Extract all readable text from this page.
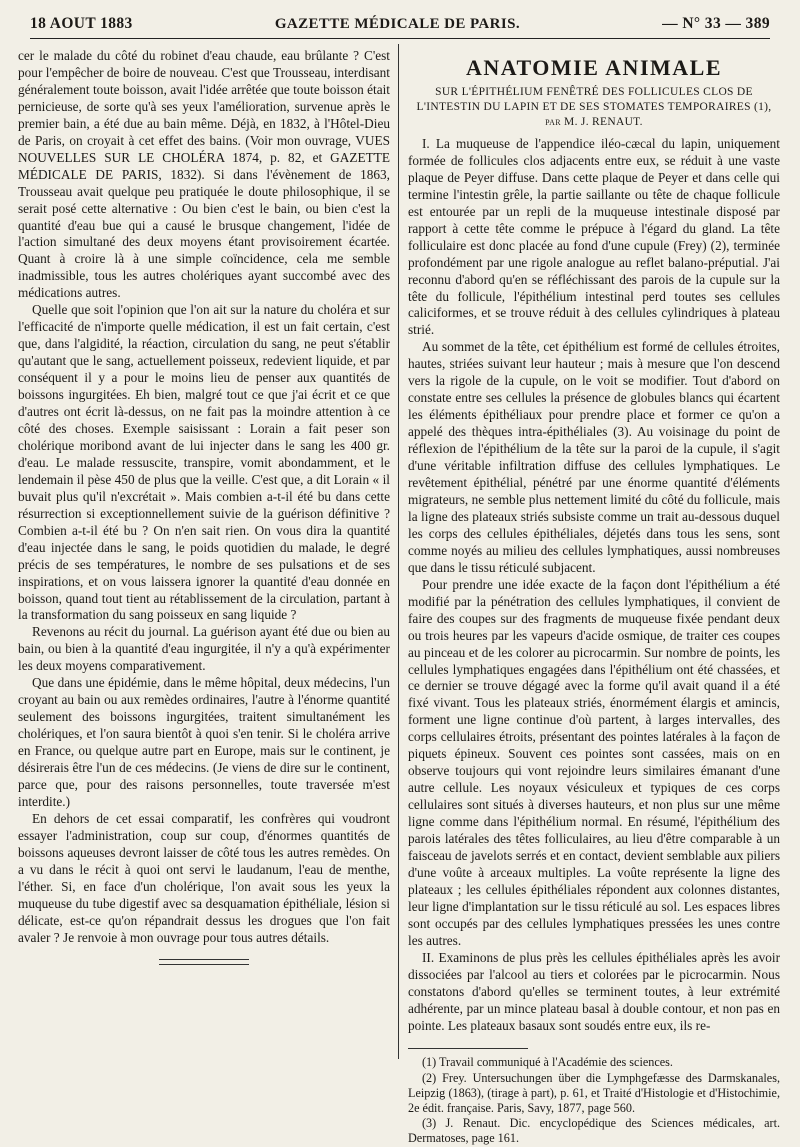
18 AOUT 1883	GAZETTE MÉDICALE DE PARIS.	— N° 33 — 389

cer le malade du côté du robinet d'eau chaude, eau brûlante ? C'est pour l'empêcher de boire de nouveau. C'est que Trousseau, interdisant généralement toute boisson, avait l'idée arrêtée que toute boisson était pernicieuse, de sorte qu'à ses yeux l'amélioration, survenue après le premier bain, a été due au bain même. Déjà, en 1832, à l'Hôtel-Dieu de Paris, on croyait à cet effet des bains. (Voir mon ouvrage, VUES NOUVELLES SUR LE CHOLÉRA 1874, p. 82, et GAZETTE MÉDICALE DE PARIS, 1832). Si dans l'évènement de 1863, Trousseau avait quelque peu pratiquée le doute philosophique, il se serait posé cette alternative : Ou bien c'est le bain, ou bien c'est la quantité d'eau bue qui a causé le brusque changement, l'idée de l'action simultané des deux moyens étant provisoirement écartée. Quant à croire là à une simple coïncidence, cela me semble inadmissible, tous les autres cholériques ayant succombé avec des médications autres.

Quelle que soit l'opinion que l'on ait sur la nature du choléra et sur l'efficacité de n'importe quelle médication, il est un fait certain, c'est que, dans l'algidité, la réaction, circulation du sang, ne peut s'établir qu'autant que le sang, actuellement poisseux, redevient liquide, et par conséquent il y a pour le moins lieu de penser aux quantités de boissons ingurgitées. Eh bien, malgré tout ce que j'ai écrit et ce que d'autres ont écrit là-dessus, on ne fait pas la moindre attention à ce côté des choses. Exemple saisissant : Lorain a fait peser son cholérique moribond avant de lui injecter dans le sang les 400 gr. d'eau. Le malade ressuscite, transpire, vomit abondamment, et le lendemain il pèse 450 de plus que la veille. C'est que, a dit Lorain « il buvait plus qu'il n'excrétait ». Mais combien a-t-il été bu dans cette résurrection si exceptionnellement suivie de la guérison définitive ? Combien a-t-il été bu ? On n'en sait rien. On vous dira la quantité d'eau injectée dans le sang, le poids quotidien du malade, le degré précis de ses températures, le nombre de ses pulsations et de ses inspirations, et on vous laissera ignorer la quantité d'eau donnée en boisson, quand tout tient au rétablissement de la circulation, partant à la transformation du sang poisseux en sang liquide ?

Revenons au récit du journal. La guérison ayant été due ou bien au bain, ou bien à la quantité d'eau ingurgitée, il n'y a qu'à expérimenter les deux moyens comparativement.

Que dans une épidémie, dans le même hôpital, deux médecins, l'un croyant au bain ou aux remèdes ordinaires, l'autre à l'énorme quantité seulement des boissons ingurgitées, traitent simultanément les cholériques, et l'on saura bientôt à quoi s'en tenir. Si le choléra arrive en France, ou quelque autre part en Europe, mais sur le continent, je désirerais être l'un de ces médecins. (Je viens de dire sur le continent, parce que, pour des raisons personnelles, toute traversée m'est interdite.)

En dehors de cet essai comparatif, les confrères qui voudront essayer l'administration, coup sur coup, d'énormes quantités de boissons aqueuses devront laisser de côté tous les autres remèdes. On a vu dans le récit à quoi ont servi le laudanum, l'eau de menthe, l'éther. Si, en face d'un cholérique, l'on avait sous les yeux la muqueuse du tube digestif avec sa desquamation épithéliale, lésion si délicate, est-ce qu'on répandrait dessus les drogues que l'on fait avaler ? Je renvoie à mon ouvrage pour tous autres détails.

ANATOMIE ANIMALE
SUR L'ÉPITHÉLIUM FENÊTRÉ DES FOLLICULES CLOS DE L'INTESTIN DU LAPIN ET DE SES STOMATES TEMPORAIRES (1), par M. J. RENAUT.

I. La muqueuse de l'appendice iléo-cæcal du lapin, uniquement formée de follicules clos adjacents entre eux, se réduit à une vaste plaque de Peyer diffuse. Dans cette plaque de Peyer et dans celle qui termine l'intestin grêle, la partie saillante ou tête de chaque follicule est entourée par un repli de la muqueuse intestinale disposé par rapport à cette tête comme le prépuce à l'égard du gland. La tête folliculaire est donc placée au fond d'une cupule (Frey) (2), terminée profondément par une rigole analogue au reflet balano-préputial. J'ai reconnu d'abord qu'en se réfléchissant des parois de la cupule sur la tête du follicule, l'épithélium intestinal perd toutes ses cellules caliciformes, et se trouve réduit à des cellules cylindriques à plateau strié.

Au sommet de la tête, cet épithélium est formé de cellules étroites, hautes, striées suivant leur hauteur ; mais à mesure que l'on descend vers la rigole de la cupule, on le voit se modifier. Tout d'abord on constate entre ses cellules la présence de globules blancs qui écartent les éléments épithéliaux pour prendre place et former ce qu'on a appelé des thèques intra-épithéliales (3). Au voisinage du point de réflexion de l'épithélium de la tête sur la paroi de la cupule, il s'agit d'une véritable infiltration diffuse des cellules lymphatiques. Le revêtement épithélial, pénétré par une énorme quantité d'éléments migrateurs, ne semble plus nettement limité du côté du follicule, mais la ligne des plateaux striés subsiste comme un trait au-dessous duquel les corps des cellules épithéliales, déjetés dans tous les sens, sont comme noyés au milieu des cellules lymphatiques, aussi nombreuses que dans le tissu réticulé subjacent.

Pour prendre une idée exacte de la façon dont l'épithélium a été modifié par la pénétration des cellules lymphatiques, il convient de faire des coupes sur des fragments de muqueuse fixée pendant deux ou trois heures par les vapeurs d'acide osmique, de traiter ces coupes au pinceau et de les colorer au picrocarmin. Sur nombre de points, les cellules lymphatiques engagées dans l'épithélium ont été chassées, et ce dernier se trouve dégagé avec la forme qu'il avait quand il a été fixé vivant. Tous les plateaux striés, énormément élargis et amincis, forment une ligne continue d'où partent, à larges intervalles, des corps cellulaires étroits, présentant des pointes latérales à la façon de piquets épineux. Souvent ces pointes sont cassées, mais on en observe toujours qui vont rejoindre leurs similaires émanant d'une autre cellule. Les noyaux vésiculeux et typiques de ces corps cellulaires sont situés à diverses hauteurs, et non plus sur une même ligne comme dans l'épithélium normal. En résumé, l'épithélium des parois latérales des têtes folliculaires, au lieu d'être comparable à un faisceau de javelots serrés et en contact, devient semblable aux piliers d'une voûte à arceaux multiples. La voûte représente la ligne des plateaux ; les cellules épithéliales répondent aux colonnes distantes, leur ligne d'implantation sur le tissu réticulé au sol. Les espaces libres sont occupés par des cellules lymphatiques pressées les unes contre les autres.

II. Examinons de plus près les cellules épithéliales après les avoir dissociées par l'alcool au tiers et colorées par le picrocarmin. Nous constatons d'abord qu'elles se terminent toutes, à leur extrémité adhérente, par un mince plateau basal à double contour, et non pas en pointe. Les plateaux basaux sont soudés entre eux, ils re-

(1) Travail communiqué à l'Académie des sciences.

(2) Frey. Untersuchungen über die Lymphgefæsse des Darmskanales, Leipzig (1863), (tirage à part), p. 61, et Traité d'Histologie et d'Histochimie, 2e édit. française. Paris, Savy, 1877, page 560.

(3) J. Renaut. Dic. encyclopédique des Sciences médicales, art. Dermatoses, page 161.
